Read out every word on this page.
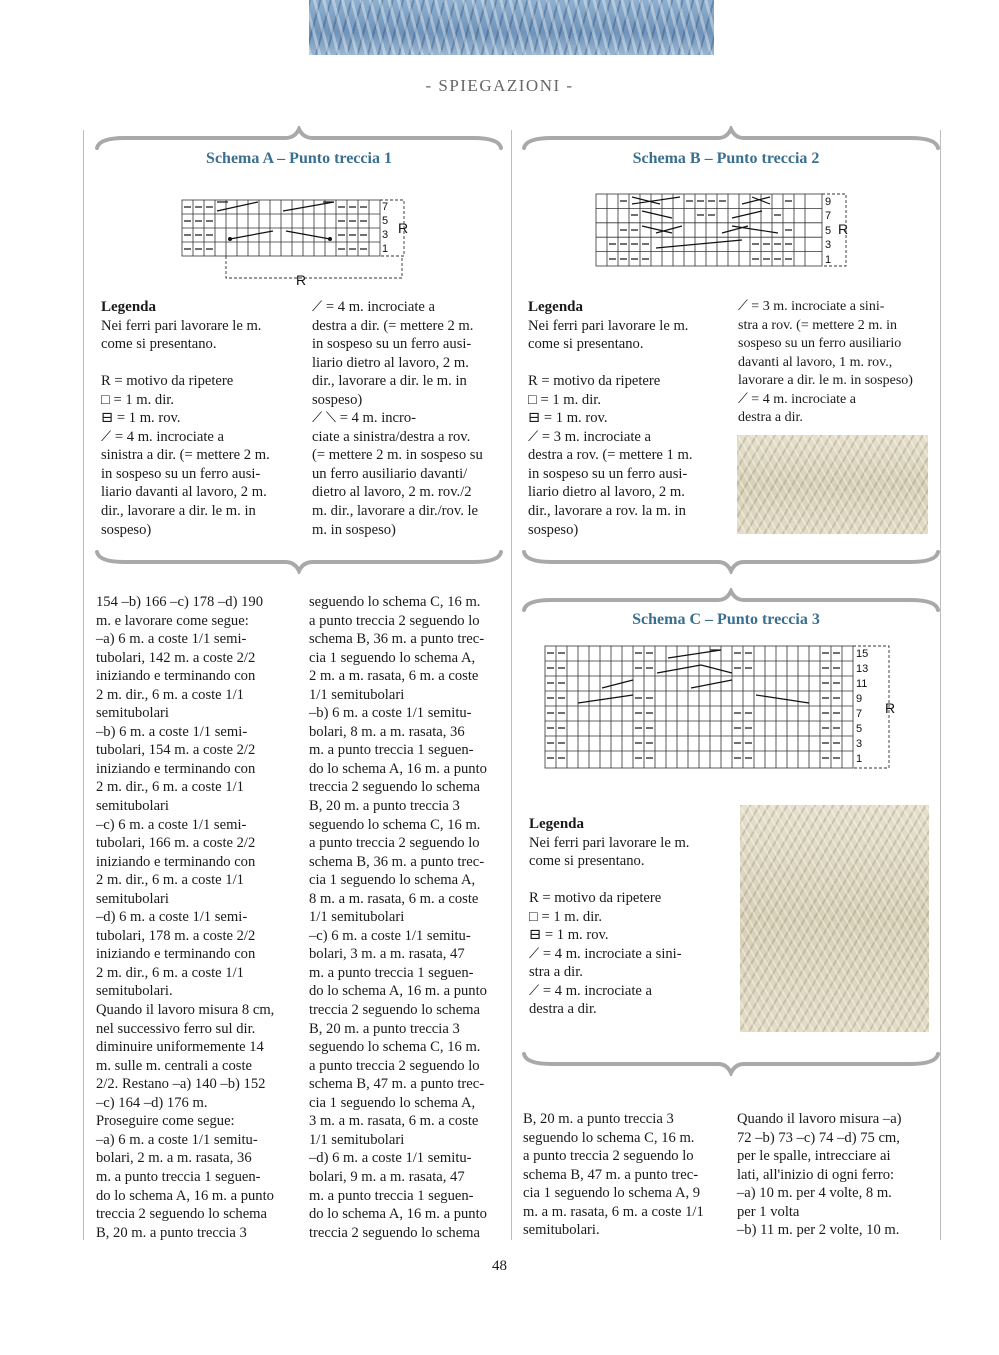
- SPIEGAZIONI -
Schema A – Punto treccia 1
7
5
3
1
R
R

Legenda

Nei ferri pari lavorare le m.

come si presentano.

R = motivo da ripetere

□ = 1 m. dir.

⊟ = 1 m. rov.

⟋ = 4 m. incrociate a

sinistra a dir. (= mettere 2 m.

in sospeso su un ferro ausi-

liario davanti al lavoro, 2 m.

dir., lavorare a dir. le m. in

sospeso)

⟋ = 4 m. incrociate a

destra a dir. (= mettere 2 m.

in sospeso su un ferro ausi-

liario dietro al lavoro, 2 m.

dir., lavorare a dir. le m. in

sospeso)

⟋ ⟍ = 4 m. incro-

ciate a sinistra/destra a rov.

(= mettere 2 m. in sospeso su

un ferro ausiliario davanti/

dietro al lavoro, 2 m. rov./2

m. dir., lavorare a dir./rov. le

m. in sospeso)

Schema B – Punto treccia 2
9
7
5
3
1
R

Legenda

Nei ferri pari lavorare le m.

come si presentano.

R = motivo da ripetere

□ = 1 m. dir.

⊟ = 1 m. rov.

⟋ = 3 m. incrociate a

destra a rov. (= mettere 1 m.

in sospeso su un ferro ausi-

liario dietro al lavoro, 2 m.

dir., lavorare a rov. la m. in

sospeso)

⟋ = 3 m. incrociate a sini-

stra a rov. (= mettere 2 m. in

sospeso su un ferro ausiliario

davanti al lavoro, 1 m. rov.,

lavorare a dir. le m. in sospeso)

⟋ = 4 m. incrociate a

destra a dir.

154 –b) 166 –c) 178 –d) 190

m. e lavorare come segue:

–a) 6 m. a coste 1/1 semi-

tubolari, 142 m. a coste 2/2

iniziando e terminando con

2 m. dir., 6 m. a coste 1/1

semitubolari

–b) 6 m. a coste 1/1 semi-

tubolari, 154 m. a coste 2/2

iniziando e terminando con

2 m. dir., 6 m. a coste 1/1

semitubolari

–c) 6 m. a coste 1/1 semi-

tubolari, 166 m. a coste 2/2

iniziando e terminando con

2 m. dir., 6 m. a coste 1/1

semitubolari

–d) 6 m. a coste 1/1 semi-

tubolari, 178 m. a coste 2/2

iniziando e terminando con

2 m. dir., 6 m. a coste 1/1

semitubolari.

Quando il lavoro misura 8 cm,

nel successivo ferro sul dir.

diminuire uniformemente 14

m. sulle m. centrali a coste

2/2. Restano –a) 140 –b) 152

–c) 164 –d) 176 m.

Proseguire come segue:

–a) 6 m. a coste 1/1 semitu-

bolari, 2 m. a m. rasata, 36

m. a punto treccia 1 seguen-

do lo schema A, 16 m. a punto

treccia 2 seguendo lo schema

B, 20 m. a punto treccia 3

seguendo lo schema C, 16 m.

a punto treccia 2 seguendo lo

schema B, 36 m. a punto trec-

cia 1 seguendo lo schema A,

2 m. a m. rasata, 6 m. a coste

1/1 semitubolari

–b) 6 m. a coste 1/1 semitu-

bolari, 8 m. a m. rasata, 36

m. a punto treccia 1 seguen-

do lo schema A, 16 m. a punto

treccia 2 seguendo lo schema

B, 20 m. a punto treccia 3

seguendo lo schema C, 16 m.

a punto treccia 2 seguendo lo

schema B, 36 m. a punto trec-

cia 1 seguendo lo schema A,

8 m. a m. rasata, 6 m. a coste

1/1 semitubolari

–c) 6 m. a coste 1/1 semitu-

bolari, 3 m. a m. rasata, 47

m. a punto treccia 1 seguen-

do lo schema A, 16 m. a punto

treccia 2 seguendo lo schema

B, 20 m. a punto treccia 3

seguendo lo schema C, 16 m.

a punto treccia 2 seguendo lo

schema B, 47 m. a punto trec-

cia 1 seguendo lo schema A,

3 m. a m. rasata, 6 m. a coste

1/1 semitubolari

–d) 6 m. a coste 1/1 semitu-

bolari, 9 m. a m. rasata, 47

m. a punto treccia 1 seguen-

do lo schema A, 16 m. a punto

treccia 2 seguendo lo schema

Schema C – Punto treccia 3
15
13
11
9
7
5
3
1
R

Legenda

Nei ferri pari lavorare le m.

come si presentano.

R = motivo da ripetere

□ = 1 m. dir.

⊟ = 1 m. rov.

⟋ = 4 m. incrociate a sini-

stra a dir.

⟋ = 4 m. incrociate a

destra a dir.

B, 20 m. a punto treccia 3

seguendo lo schema C, 16 m.

a punto treccia 2 seguendo lo

schema B, 47 m. a punto trec-

cia 1 seguendo lo schema A, 9

m. a m. rasata, 6 m. a coste 1/1

semitubolari.

Quando il lavoro misura –a)

72 –b) 73 –c) 74 –d) 75 cm,

per le spalle, intrecciare ai

lati, all'inizio di ogni ferro:

–a) 10 m. per 4 volte, 8 m.

per 1 volta

–b) 11 m. per 2 volte, 10 m.

48
